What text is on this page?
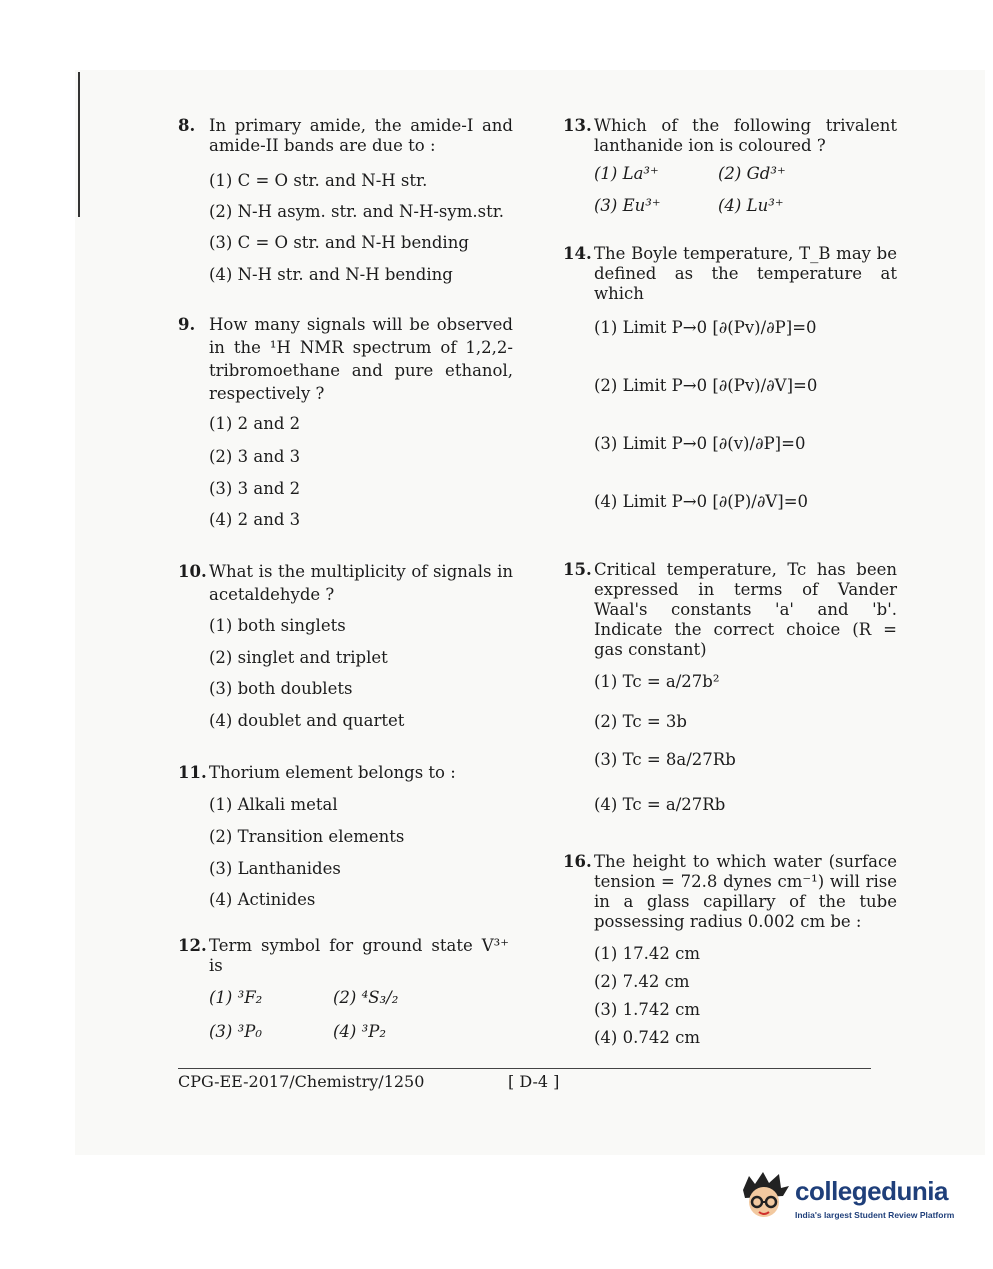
8. In primary amide, the amide-I and amide-II bands are due to :
(1) C = O str. and N-H str.
(2) N-H asym. str. and N-H-sym.str.
(3) C = O str. and N-H bending
(4) N-H str. and N-H bending
9. How many signals will be observed in the ¹H NMR spectrum of 1,2,2-tribromoethane and pure ethanol, respectively ?
(1) 2 and 2
(2) 3 and 3
(3) 3 and 2
(4) 2 and 3
10. What is the multiplicity of signals in acetaldehyde ?
(1) both singlets
(2) singlet and triplet
(3) both doublets
(4) doublet and quartet
11. Thorium element belongs to :
(1) Alkali metal
(2) Transition elements
(3) Lanthanides
(4) Actinides
12. Term symbol for ground state V³⁺ is
(1) ³F₂	(2) ⁴S₃/₂
(3) ³P₀	(4) ³P₂
13. Which of the following trivalent lanthanide ion is coloured ?
(1) La³⁺	(2) Gd³⁺
(3) Eu³⁺	(4) Lu³⁺
14. The Boyle temperature, T_B may be defined as the temperature at which
(1) Limit P→0 [∂(Pv)/∂P]=0
(2) Limit P→0 [∂(Pv)/∂V]=0
(3) Limit P→0 [∂(v)/∂P]=0
(4) Limit P→0 [∂(P)/∂V]=0
15. Critical temperature, Tc has been expressed in terms of Vander Waal's constants 'a' and 'b'. Indicate the correct choice (R = gas constant)
(1) Tc = a/27b²
(2) Tc = 3b
(3) Tc = 8a/27Rb
(4) Tc = a/27Rb
16. The height to which water (surface tension = 72.8 dynes cm⁻¹) will rise in a glass capillary of the tube possessing radius 0.002 cm be :
(1) 17.42 cm
(2) 7.42 cm
(3) 1.742 cm
(4) 0.742 cm
CPG-EE-2017/Chemistry/1250	[ D-4 ]
collegedunia
India's largest Student Review Platform
